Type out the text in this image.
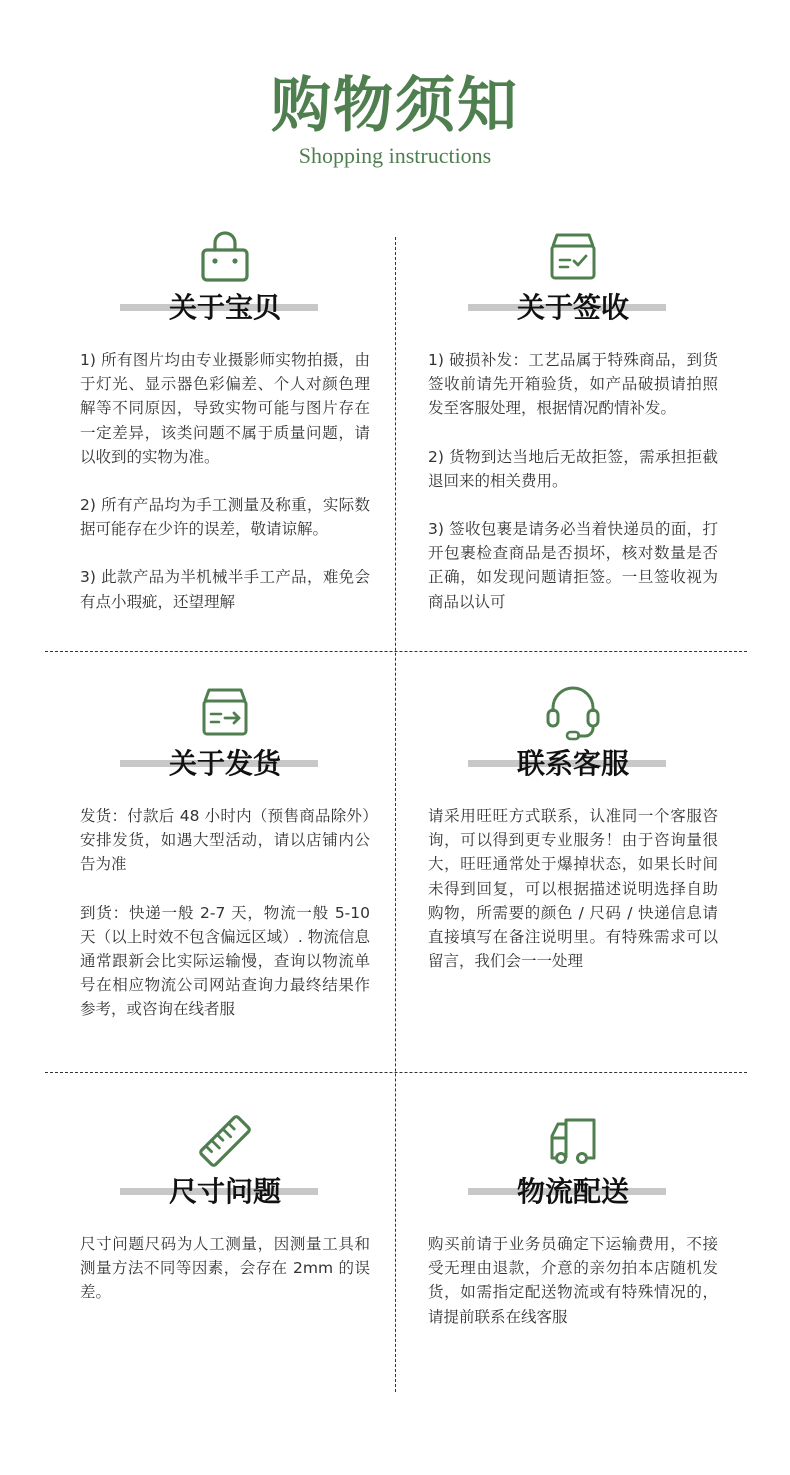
购物须知
Shopping instructions
关于宝贝

1) 所有图片均由专业摄影师实物拍摄，由于灯光、显示器色彩偏差、个人对颜色理解等不同原因，导致实物可能与图片存在一定差异，该类问题不属于质量问题，请以收到的实物为准。

2) 所有产品均为手工测量及称重，实际数据可能存在少许的误差，敬请谅解。

3) 此款产品为半机械半手工产品，难免会有点小瑕疵，还望理解

关于签收

1) 破损补发：工艺品属于特殊商品，到货签收前请先开箱验货，如产品破损请拍照发至客服处理，根据情况酌情补发。

2) 货物到达当地后无故拒签，需承担拒截退回来的相关费用。

3) 签收包裹是请务必当着快递员的面，打开包裹检查商品是否损坏，核对数量是否正确，如发现问题请拒签。一旦签收视为商品以认可

关于发货

发货：付款后 48 小时内（预售商品除外）安排发货，如遇大型活动，请以店铺内公告为准

到货：快递一般 2-7 天，物流一般 5-10 天（以上时效不包含偏远区域）. 物流信息通常跟新会比实际运输慢，查询以物流单号在相应物流公司网站查询力最终结果作参考，或咨询在线者服

联系客服

请采用旺旺方式联系，认准同一个客服咨询，可以得到更专业服务！由于咨询量很大，旺旺通常处于爆掉状态，如果长时间未得到回复，可以根据描述说明选择自助购物，所需要的颜色 / 尺码 / 快递信息请直接填写在备注说明里。有特殊需求可以留言，我们会一一处理

尺寸问题

尺寸问题尺码为人工测量，因测量工具和测量方法不同等因素，会存在 2mm 的误差。

物流配送

购买前请于业务员确定下运输费用，不接受无理由退款，介意的亲勿拍本店随机发货，如需指定配送物流或有特殊情况的，请提前联系在线客服
